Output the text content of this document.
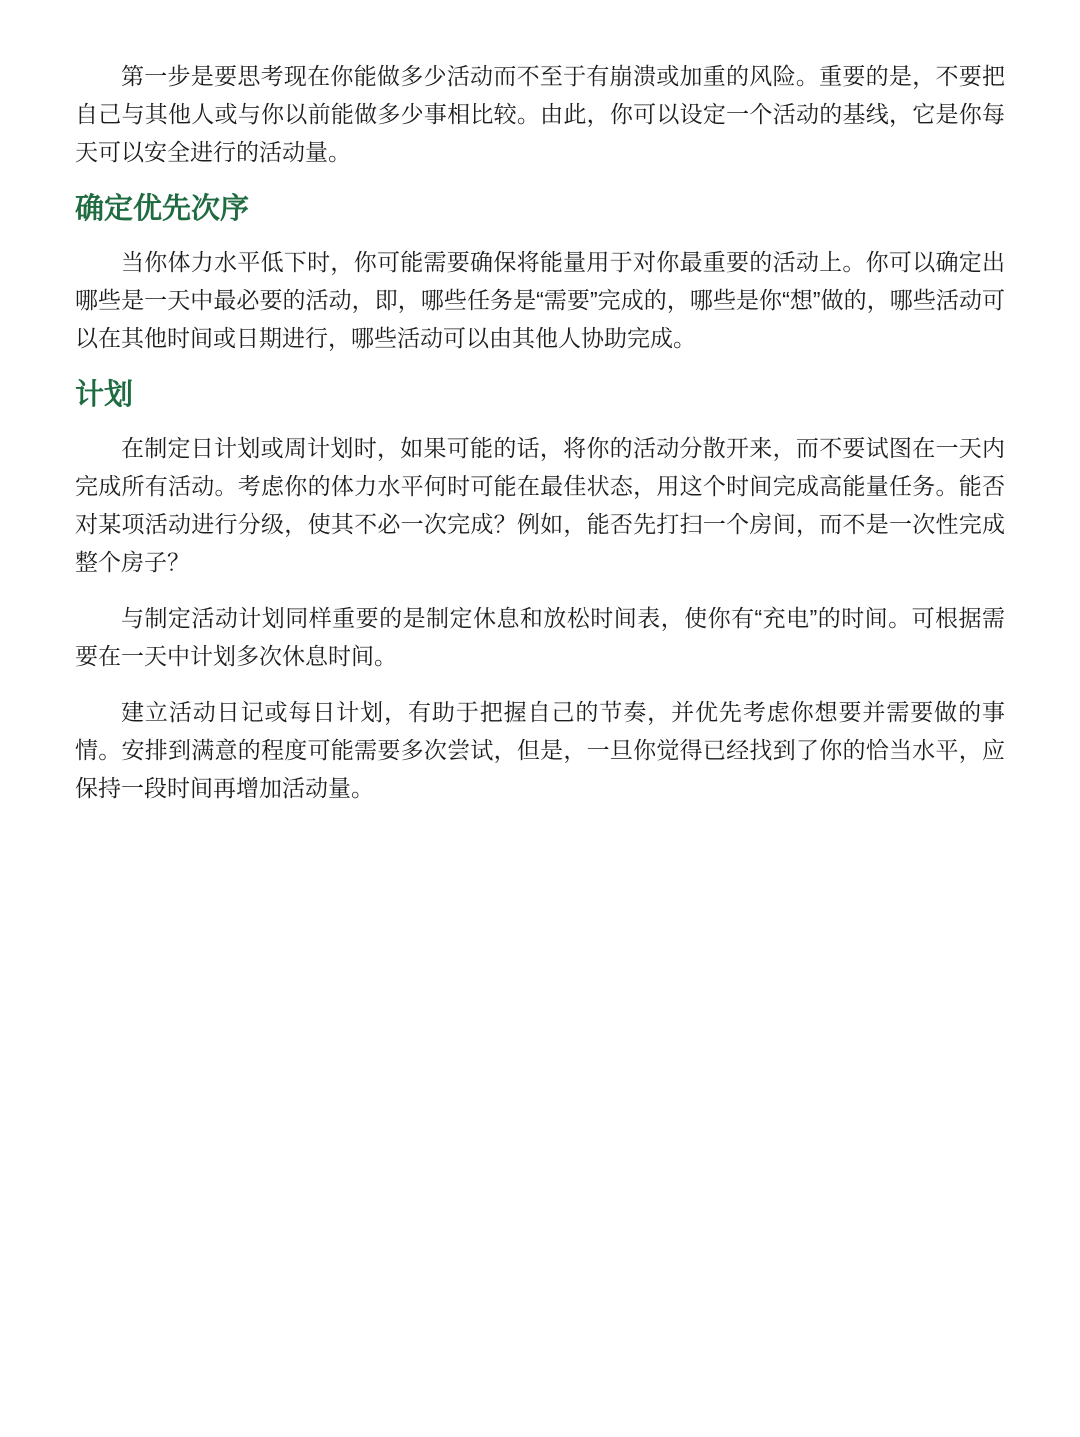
第一步是要思考现在你能做多少活动而不至于有崩溃或加重的风险。重要的是，不要把自己与其他人或与你以前能做多少事相比较。由此，你可以设定一个活动的基线，它是你每天可以安全进行的活动量。

确定优先次序

当你体力水平低下时，你可能需要确保将能量用于对你最重要的活动上。你可以确定出哪些是一天中最必要的活动，即，哪些任务是“需要”完成的，哪些是你“想”做的，哪些活动可以在其他时间或日期进行，哪些活动可以由其他人协助完成。

计划

在制定日计划或周计划时，如果可能的话，将你的活动分散开来，而不要试图在一天内完成所有活动。考虑你的体力水平何时可能在最佳状态，用这个时间完成高能量任务。能否对某项活动进行分级，使其不必一次完成？例如，能否先打扫一个房间，而不是一次性完成整个房子？

与制定活动计划同样重要的是制定休息和放松时间表，使你有“充电”的时间。可根据需要在一天中计划多次休息时间。

建立活动日记或每日计划，有助于把握自己的节奏，并优先考虑你想要并需要做的事情。安排到满意的程度可能需要多次尝试，但是，一旦你觉得已经找到了你的恰当水平，应保持一段时间再增加活动量。
